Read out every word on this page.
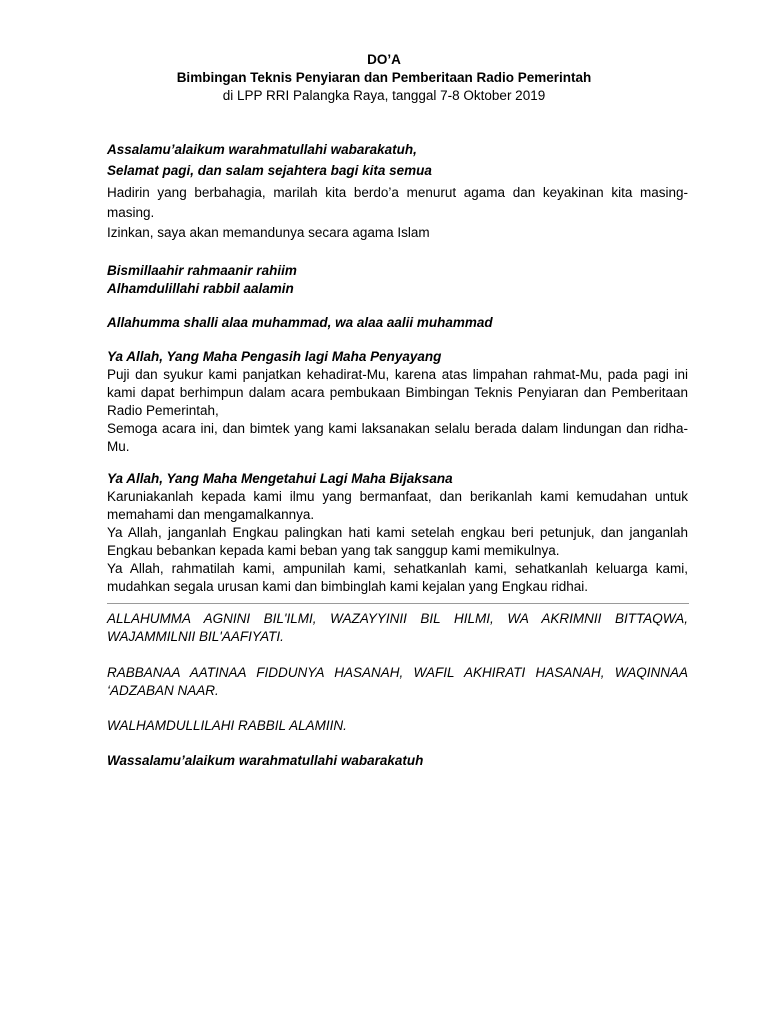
DO’A
Bimbingan Teknis Penyiaran dan Pemberitaan Radio Pemerintah
di LPP RRI Palangka Raya, tanggal 7-8 Oktober 2019
Assalamu’alaikum warahmatullahi wabarakatuh,
Selamat pagi, dan salam sejahtera bagi kita semua
Hadirin yang berbahagia, marilah kita berdo’a menurut agama dan keyakinan kita masing-masing.
Izinkan, saya akan memandunya secara agama Islam
Bismillaahir rahmaanir rahiim
Alhamdulillahi rabbil aalamin
Allahumma shalli alaa muhammad, wa alaa aalii muhammad
Ya Allah, Yang Maha Pengasih lagi Maha Penyayang
Puji dan syukur kami panjatkan kehadirat-Mu, karena atas limpahan rahmat-Mu, pada pagi ini kami dapat berhimpun dalam acara pembukaan Bimbingan Teknis Penyiaran dan Pemberitaan Radio Pemerintah,
Semoga acara ini, dan bimtek yang kami laksanakan selalu berada dalam lindungan dan ridha-Mu.
Ya Allah, Yang Maha Mengetahui Lagi Maha Bijaksana
Karuniakanlah kepada kami ilmu yang bermanfaat, dan berikanlah kami kemudahan untuk memahami dan mengamalkannya.
Ya Allah, janganlah Engkau palingkan hati kami setelah engkau beri petunjuk, dan janganlah Engkau bebankan kepada kami beban yang tak sanggup kami memikulnya.
Ya Allah, rahmatilah kami, ampunilah kami, sehatkanlah kami, sehatkanlah keluarga kami, mudahkan segala urusan kami dan bimbinglah kami kejalan yang Engkau ridhai.
ALLAHUMMA AGNINI BIL'ILMI, WAZAYYINII BIL HILMI, WA AKRIMNII BITTAQWA, WAJAMMILNII BIL'AAFIYATI.
RABBANAA AATINAA FIDDUNYA HASANAH, WAFIL AKHIRATI HASANAH, WAQINNAA ‘ADZABAN NAAR.
WALHAMDULLILAHI RABBIL ALAMIIN.
Wassalamu’alaikum warahmatullahi wabarakatuh
